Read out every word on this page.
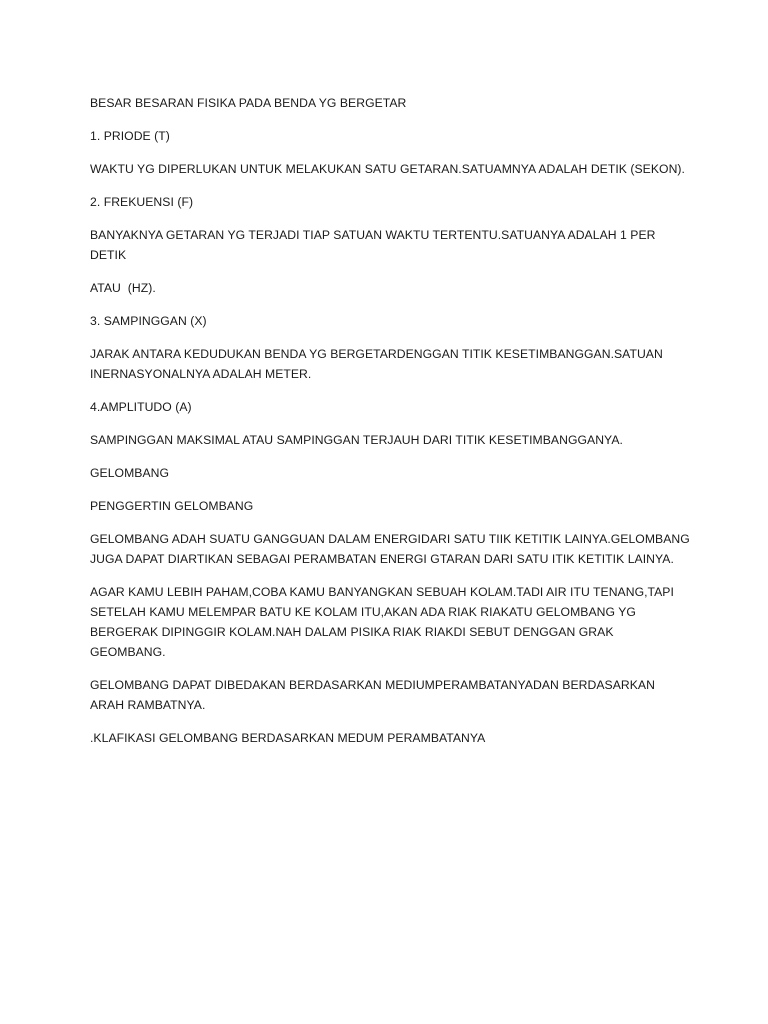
BESAR BESARAN FISIKA PADA BENDA YG BERGETAR

1. PRIODE (T)

WAKTU YG DIPERLUKAN UNTUK MELAKUKAN SATU GETARAN.SATUAMNYA ADALAH DETIK (SEKON).

2. FREKUENSI (F)

BANYAKNYA GETARAN YG TERJADI TIAP SATUAN WAKTU TERTENTU.SATUANYA ADALAH 1 PER DETIK

ATAU  (HZ).

3. SAMPINGGAN (X)

JARAK ANTARA KEDUDUKAN BENDA YG BERGETARDENGGAN TITIK KESETIMBANGGAN.SATUAN INERNASYONALNYA ADALAH METER.

4.AMPLITUDO (A)

SAMPINGGAN MAKSIMAL ATAU SAMPINGGAN TERJAUH DARI TITIK KESETIMBANGGANYA.

GELOMBANG

PENGGERTIN GELOMBANG

GELOMBANG ADAH SUATU GANGGUAN DALAM ENERGIDARI SATU TIIK KETITIK LAINYA.GELOMBANG JUGA DAPAT DIARTIKAN SEBAGAI PERAMBATAN ENERGI GTARAN DARI SATU ITIK KETITIK LAINYA.

AGAR KAMU LEBIH PAHAM,COBA KAMU BANYANGKAN SEBUAH KOLAM.TADI AIR ITU TENANG,TAPI SETELAH KAMU MELEMPAR BATU KE KOLAM ITU,AKAN ADA RIAK RIAKATU GELOMBANG YG BERGERAK DIPINGGIR KOLAM.NAH DALAM PISIKA RIAK RIAKDI SEBUT DENGGAN GRAK GEOMBANG.

GELOMBANG DAPAT DIBEDAKAN BERDASARKAN MEDIUMPERAMBATANYADAN BERDASARKAN ARAH RAMBATNYA.

.KLAFIKASI GELOMBANG BERDASARKAN MEDUM PERAMBATANYA
